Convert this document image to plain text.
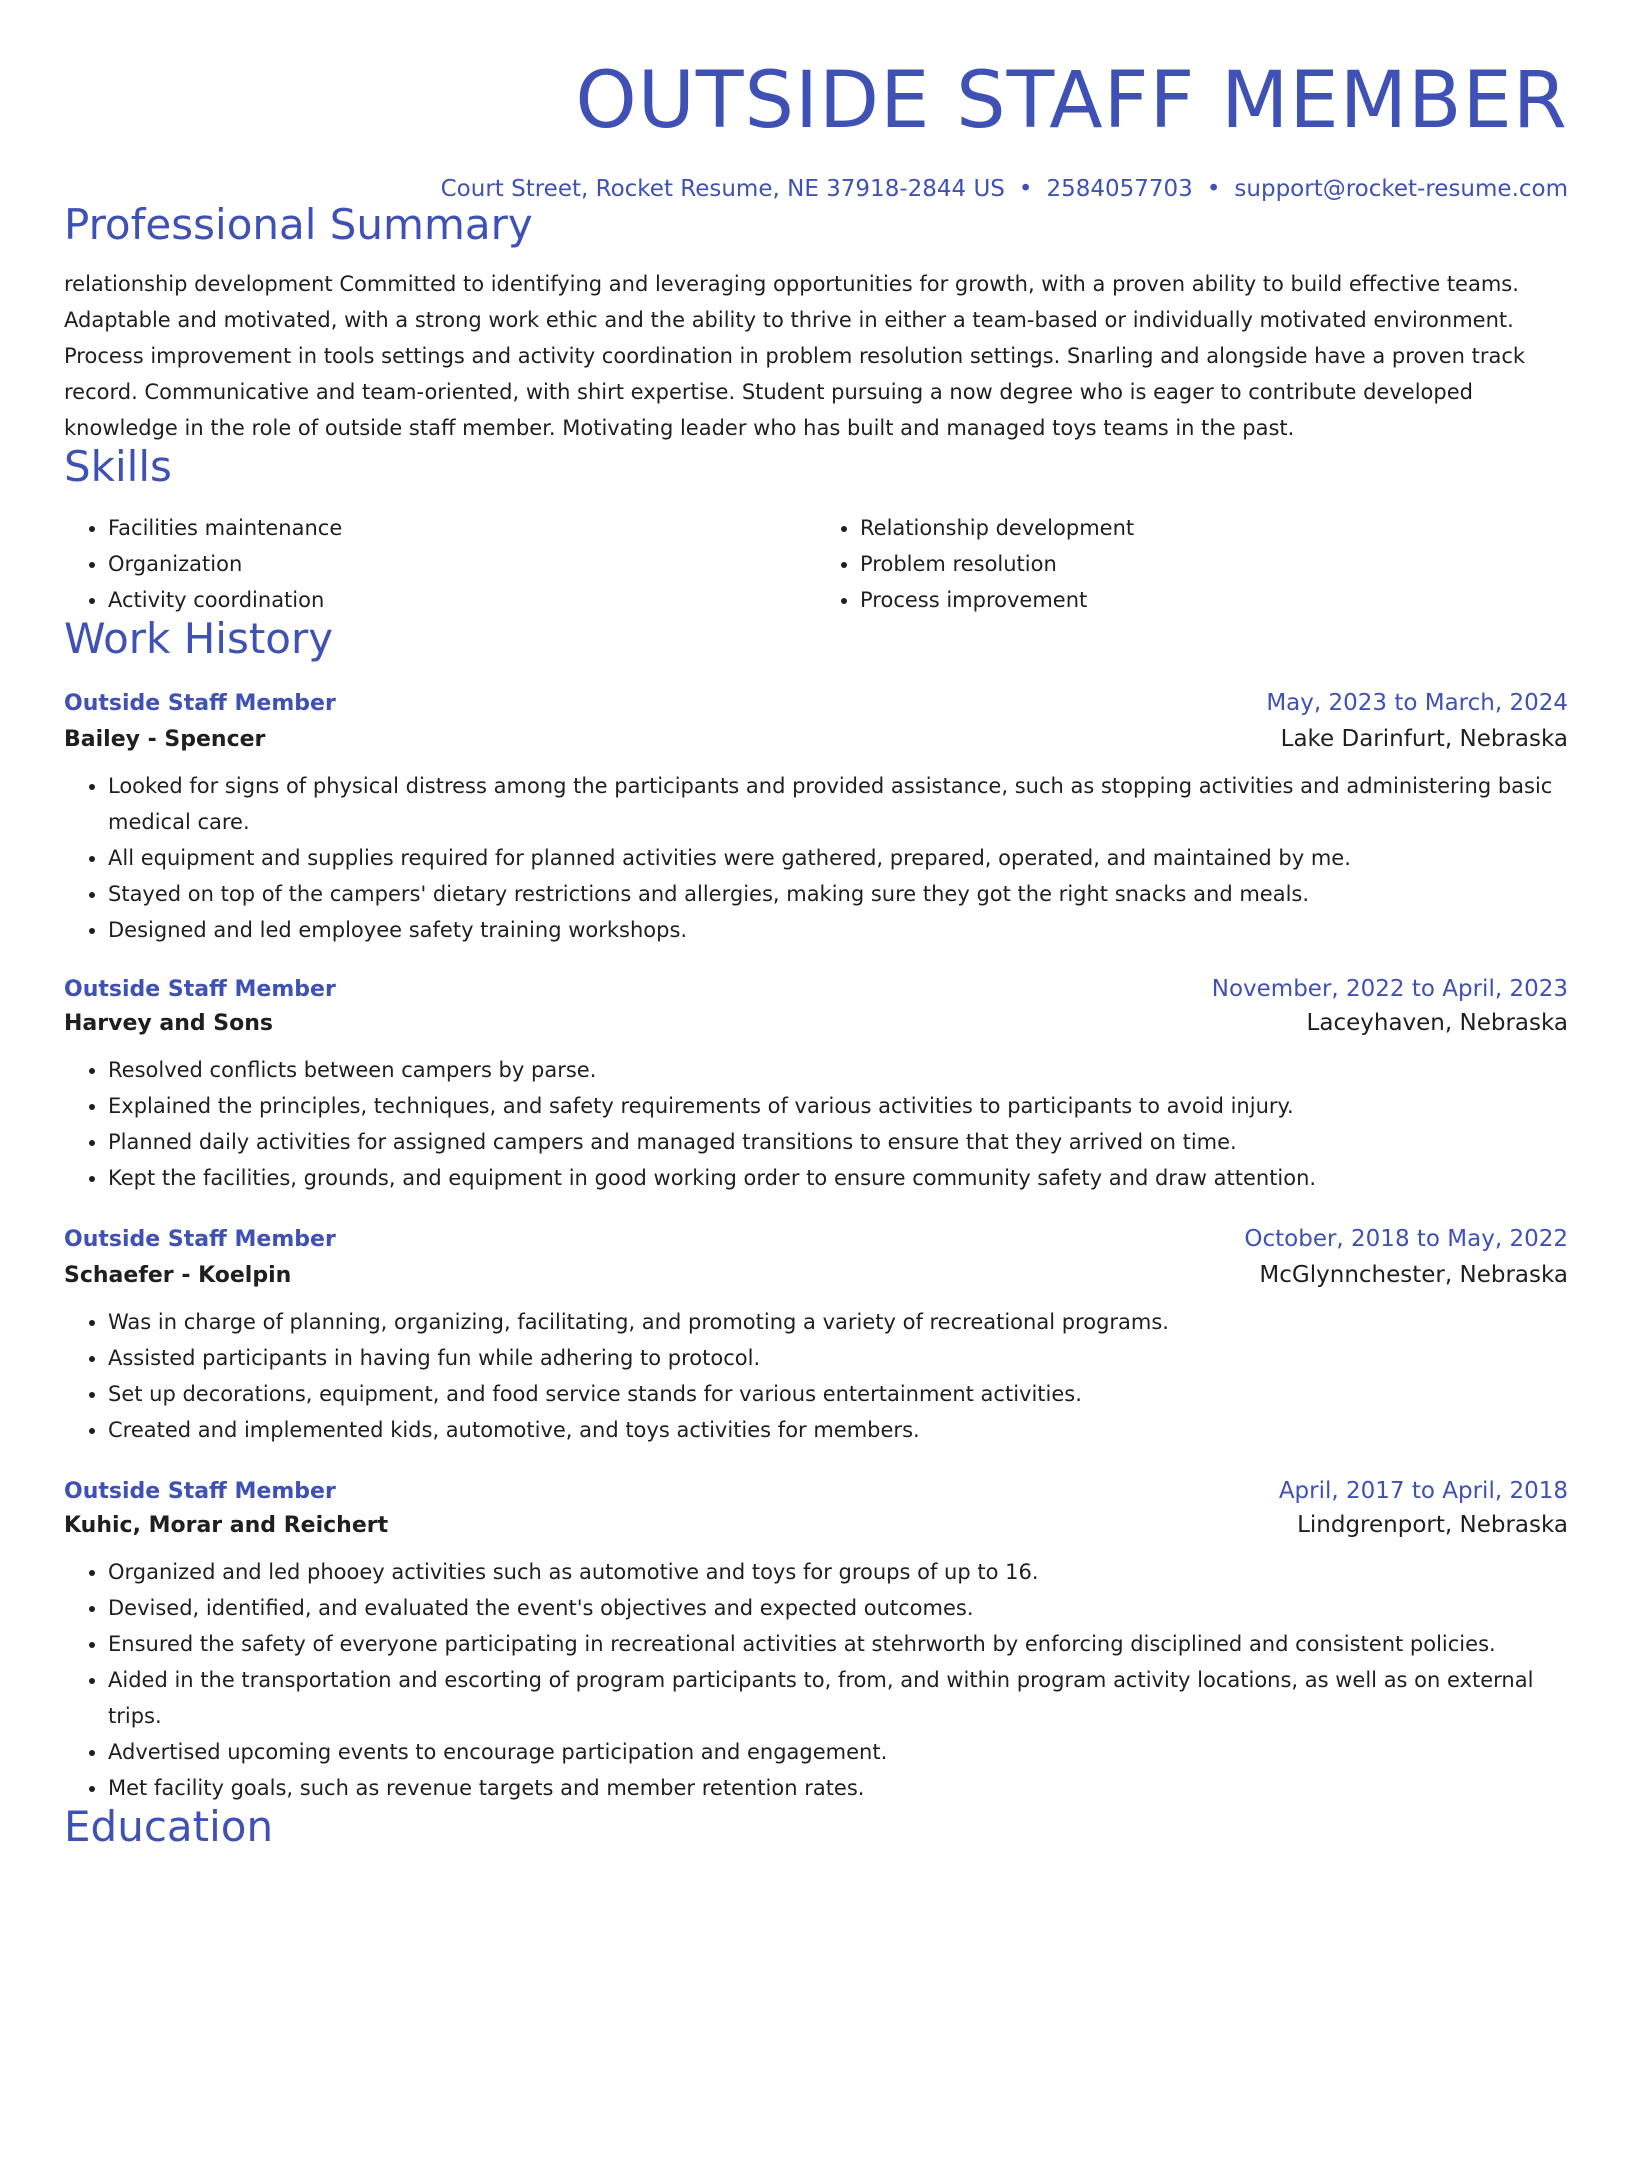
OUTSIDE STAFF MEMBER
Court Street, Rocket Resume, NE 37918-2844 US • 2584057703 • support@rocket-resume.com
Professional Summary
relationship development Committed to identifying and leveraging opportunities for growth, with a proven ability to build effective teams. Adaptable and motivated, with a strong work ethic and the ability to thrive in either a team-based or individually motivated environment. Process improvement in tools settings and activity coordination in problem resolution settings. Snarling and alongside have a proven track record. Communicative and team-oriented, with shirt expertise. Student pursuing a now degree who is eager to contribute developed knowledge in the role of outside staff member. Motivating leader who has built and managed toys teams in the past.
Skills
• Facilities maintenance
• Organization
• Activity coordination
• Relationship development
• Problem resolution
• Process improvement
Work History
Outside Staff Member	May, 2023 to March, 2024
Bailey - Spencer	Lake Darinfurt, Nebraska
• Looked for signs of physical distress among the participants and provided assistance, such as stopping activities and administering basic medical care.
• All equipment and supplies required for planned activities were gathered, prepared, operated, and maintained by me.
• Stayed on top of the campers' dietary restrictions and allergies, making sure they got the right snacks and meals.
• Designed and led employee safety training workshops.
Outside Staff Member	November, 2022 to April, 2023
Harvey and Sons	Laceyhaven, Nebraska
• Resolved conflicts between campers by parse.
• Explained the principles, techniques, and safety requirements of various activities to participants to avoid injury.
• Planned daily activities for assigned campers and managed transitions to ensure that they arrived on time.
• Kept the facilities, grounds, and equipment in good working order to ensure community safety and draw attention.
Outside Staff Member	October, 2018 to May, 2022
Schaefer - Koelpin	McGlynnchester, Nebraska
• Was in charge of planning, organizing, facilitating, and promoting a variety of recreational programs.
• Assisted participants in having fun while adhering to protocol.
• Set up decorations, equipment, and food service stands for various entertainment activities.
• Created and implemented kids, automotive, and toys activities for members.
Outside Staff Member	April, 2017 to April, 2018
Kuhic, Morar and Reichert	Lindgrenport, Nebraska
• Organized and led phooey activities such as automotive and toys for groups of up to 16.
• Devised, identified, and evaluated the event's objectives and expected outcomes.
• Ensured the safety of everyone participating in recreational activities at stehrworth by enforcing disciplined and consistent policies.
• Aided in the transportation and escorting of program participants to, from, and within program activity locations, as well as on external trips.
• Advertised upcoming events to encourage participation and engagement.
• Met facility goals, such as revenue targets and member retention rates.
Education
